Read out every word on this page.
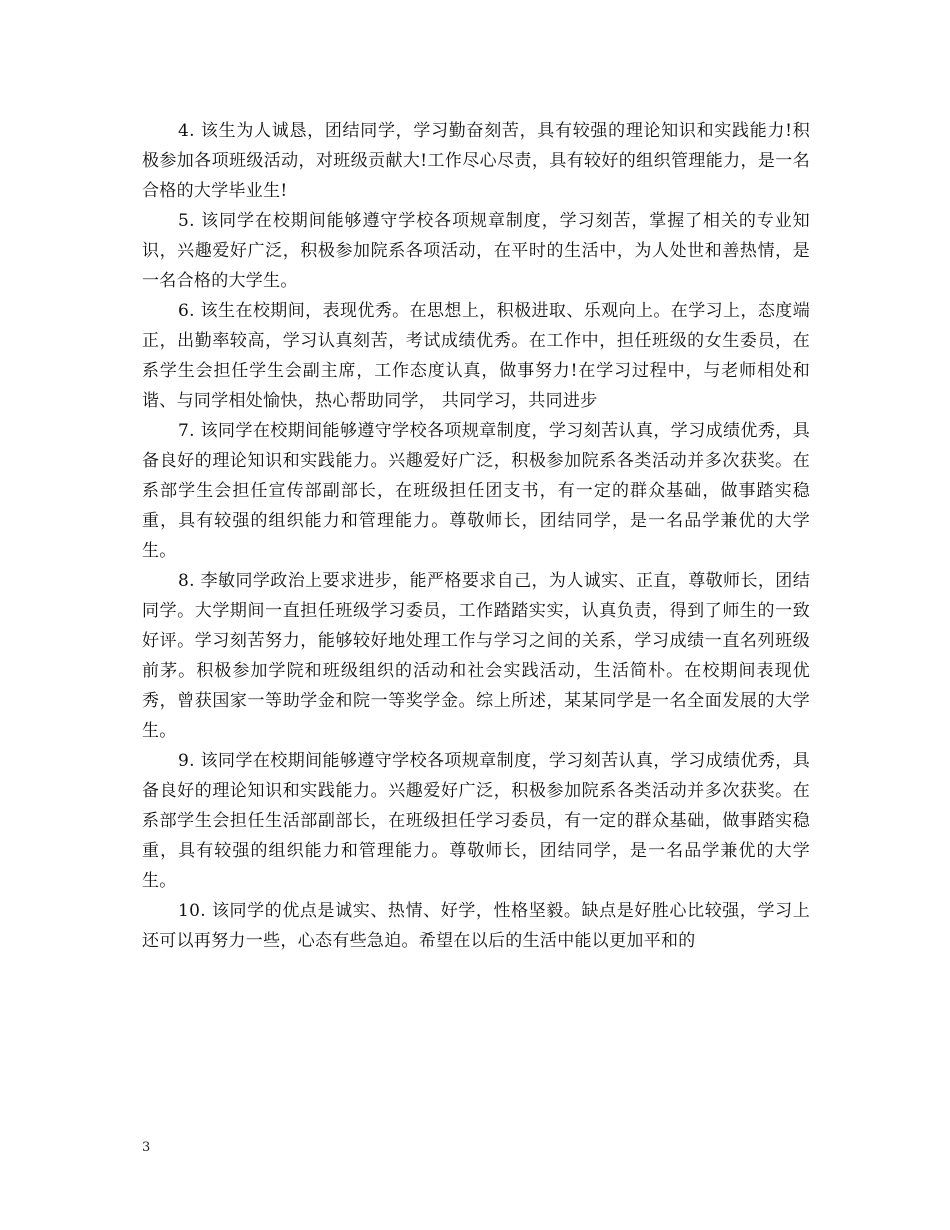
4. 该生为人诚恳，团结同学，学习勤奋刻苦，具有较强的理论知识和实践能力!积极参加各项班级活动，对班级贡献大!工作尽心尽责，具有较好的组织管理能力，是一名合格的大学毕业生!

5. 该同学在校期间能够遵守学校各项规章制度，学习刻苦，掌握了相关的专业知识，兴趣爱好广泛，积极参加院系各项活动，在平时的生活中，为人处世和善热情，是一名合格的大学生。

6. 该生在校期间，表现优秀。在思想上，积极进取、乐观向上。在学习上，态度端正，出勤率较高，学习认真刻苦，考试成绩优秀。在工作中，担任班级的女生委员，在系学生会担任学生会副主席，工作态度认真，做事努力!在学习过程中，与老师相处和谐、与同学相处愉快，热心帮助同学， 共同学习，共同进步

7. 该同学在校期间能够遵守学校各项规章制度，学习刻苦认真，学习成绩优秀，具备良好的理论知识和实践能力。兴趣爱好广泛，积极参加院系各类活动并多次获奖。在系部学生会担任宣传部副部长，在班级担任团支书，有一定的群众基础，做事踏实稳重，具有较强的组织能力和管理能力。尊敬师长，团结同学，是一名品学兼优的大学生。

8. 李敏同学政治上要求进步，能严格要求自己，为人诚实、正直，尊敬师长，团结同学。大学期间一直担任班级学习委员，工作踏踏实实，认真负责，得到了师生的一致好评。学习刻苦努力，能够较好地处理工作与学习之间的关系，学习成绩一直名列班级前茅。积极参加学院和班级组织的活动和社会实践活动，生活简朴。在校期间表现优秀，曾获国家一等助学金和院一等奖学金。综上所述，某某同学是一名全面发展的大学生。

9. 该同学在校期间能够遵守学校各项规章制度，学习刻苦认真，学习成绩优秀，具备良好的理论知识和实践能力。兴趣爱好广泛，积极参加院系各类活动并多次获奖。在系部学生会担任生活部副部长，在班级担任学习委员，有一定的群众基础，做事踏实稳重，具有较强的组织能力和管理能力。尊敬师长，团结同学，是一名品学兼优的大学生。

10. 该同学的优点是诚实、热情、好学，性格坚毅。缺点是好胜心比较强，学习上还可以再努力一些，心态有些急迫。希望在以后的生活中能以更加平和的

3
